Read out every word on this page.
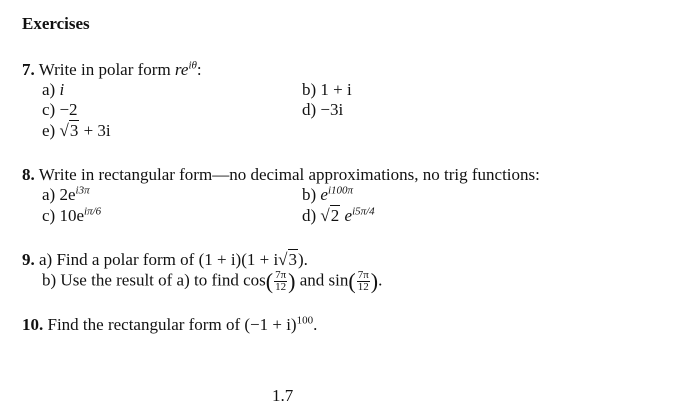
Exercises
7. Write in polar form $re^{i\theta}$:
a) i	b) 1 + i
c) −2	d) −3i
e) √3 + 3i
8. Write in rectangular form—no decimal approximations, no trig functions:
a) $2e^{i3\pi}$	b) $e^{i100\pi}$
c) $10e^{i\pi/6}$	d) √2 $e^{i5\pi/4}$
9. a) Find a polar form of (1 + i)(1 + i√3).
b) Use the result of a) to find $\cos( \frac{7\pi}{12}$ ) and $\sin( \frac{7\pi}{12}$ ).
10. Find the rectangular form of $(-1 + i)^{100}$.
1.7
